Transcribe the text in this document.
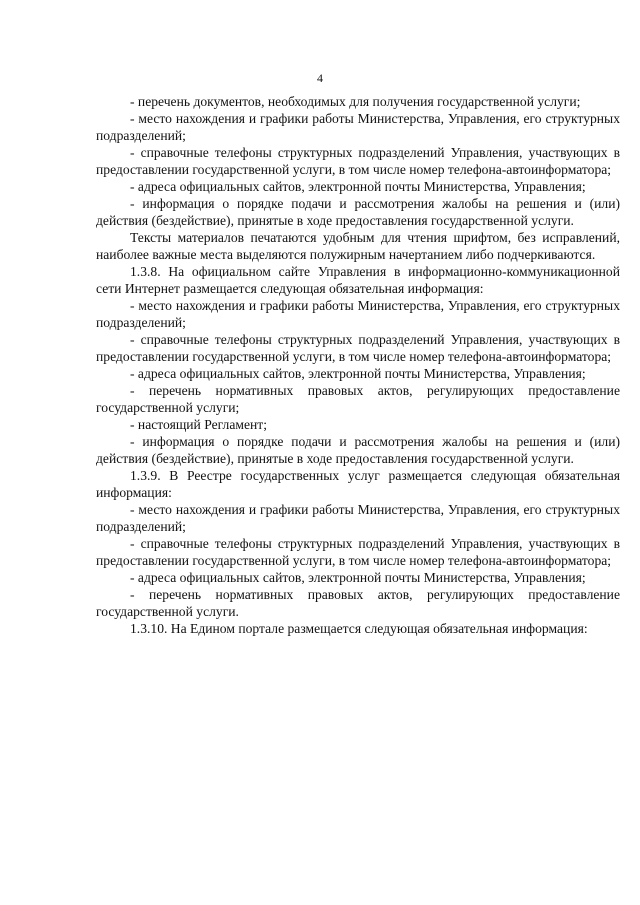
4

- перечень документов, необходимых для получения государственной услуги;

- место нахождения и графики работы Министерства, Управления, его структурных подразделений;

- справочные телефоны структурных подразделений Управления, участвующих в предоставлении государственной услуги, в том числе номер телефона-автоинформатора;

- адреса официальных сайтов, электронной почты Министерства, Управления;

- информация о порядке подачи и рассмотрения жалобы на решения и (или) действия (бездействие), принятые в ходе предоставления государственной услуги.

Тексты материалов печатаются удобным для чтения шрифтом, без исправлений, наиболее важные места выделяются полужирным начертанием либо подчеркиваются.

1.3.8. На официальном сайте Управления в информационно-коммуникационной сети Интернет размещается следующая обязательная информация:

- место нахождения и графики работы Министерства, Управления, его структурных подразделений;

- справочные телефоны структурных подразделений Управления, участвующих в предоставлении государственной услуги, в том числе номер телефона-автоинформатора;

- адреса официальных сайтов, электронной почты Министерства, Управления;

- перечень нормативных правовых актов, регулирующих предоставление государственной услуги;

- настоящий Регламент;

- информация о порядке подачи и рассмотрения жалобы на решения и (или) действия (бездействие), принятые в ходе предоставления государственной услуги.

1.3.9. В Реестре государственных услуг размещается следующая обязательная информация:

- место нахождения и графики работы Министерства, Управления, его структурных подразделений;

- справочные телефоны структурных подразделений Управления, участвующих в предоставлении государственной услуги, в том числе номер телефона-автоинформатора;

- адреса официальных сайтов, электронной почты Министерства, Управления;

- перечень нормативных правовых актов, регулирующих предоставление государственной услуги.

1.3.10. На Едином портале размещается следующая обязательная информация:
